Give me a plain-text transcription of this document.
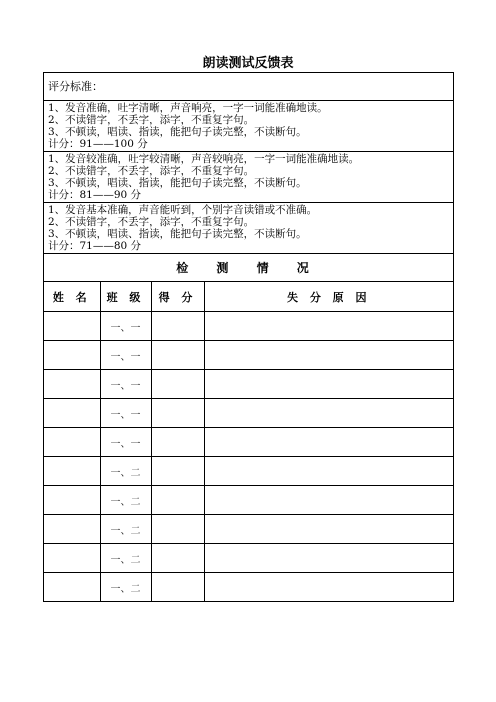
朗读测试反馈表
评分标准：
1、发音准确，吐字清晰，声音响亮，一字一词能准确地读。
2、不读错字，不丢字，添字，不重复字句。
3、不顿读，唱读、指读，能把句子读完整，不读断句。
计分：91——100 分
1、发音较准确，吐字较清晰，声音较响亮，一字一词能准确地读。
2、不读错字，不丢字，添字，不重复字句。
3、不顿读，唱读、指读，能把句子读完整，不读断句。
计分：81——90 分
1、发音基本准确，声音能听到，个别字音读错或不准确。
2、不读错字，不丢字，添字，不重复字句。
3、不顿读，唱读、指读，能把句子读完整，不读断句。
计分：71——80 分
检 测 情 况
姓 名	班 级	得 分	失 分 原 因
	一、一		
	一、一		
	一、一		
	一、一		
	一、一		
	一、二		
	一、二		
	一、二		
	一、二		
	一、二		
